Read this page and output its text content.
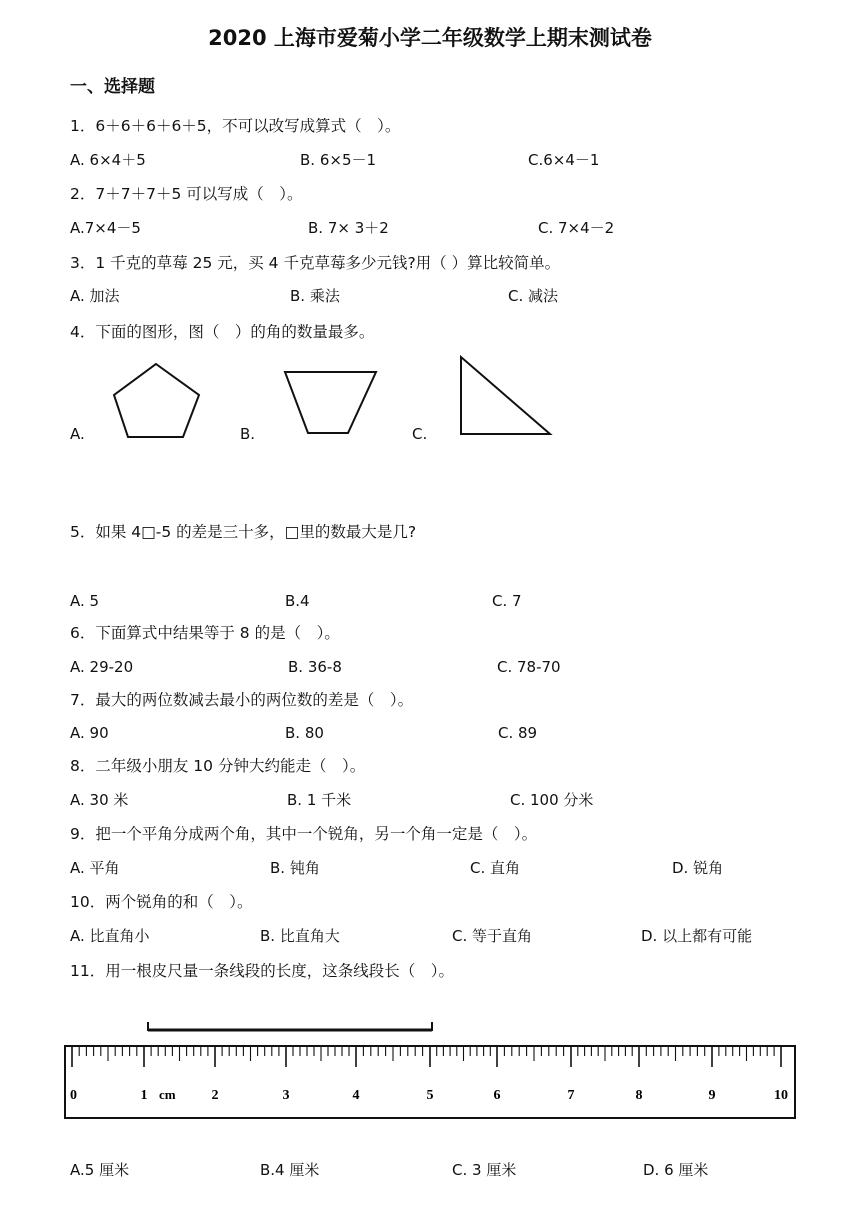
2020 上海市爱菊小学二年级数学上期末测试卷
一、选择题
1．6＋6＋6＋6＋5，不可以改写成算式（　）。
A. 6×4＋5	B. 6×5－1	C.6×4－1
2．7＋7＋7＋5 可以写成（　）。
A.7×4－5	B. 7× 3＋2	C. 7×4－2
3．1 千克的草莓 25 元，买 4 千克草莓多少元钱?用（ ）算比较简单。
A. 加法	B. 乘法	C. 减法
4．下面的图形，图（　）的角的数量最多。
A.	B.	C.
5．如果 4□-5 的差是三十多，□里的数最大是几?
A. 5	B.4	C. 7
6．下面算式中结果等于 8 的是（　）。
A. 29-20	B. 36-8	C. 78-70
7．最大的两位数减去最小的两位数的差是（　）。
A. 90	B. 80	C. 89
8．二年级小朋友 10 分钟大约能走（　）。
A. 30 米	B. 1 千米	C. 100 分米
9．把一个平角分成两个角，其中一个锐角，另一个角一定是（　）。
A. 平角	B. 钝角	C. 直角	D. 锐角
10．两个锐角的和（　）。
A. 比直角小	B. 比直角大	C. 等于直角	D. 以上都有可能
11．用一根皮尺量一条线段的长度，这条线段长（　）。
0	1	2	3	4	5	6	7	8	9	10
cm
A.5 厘米	B.4 厘米	C. 3 厘米	D. 6 厘米
